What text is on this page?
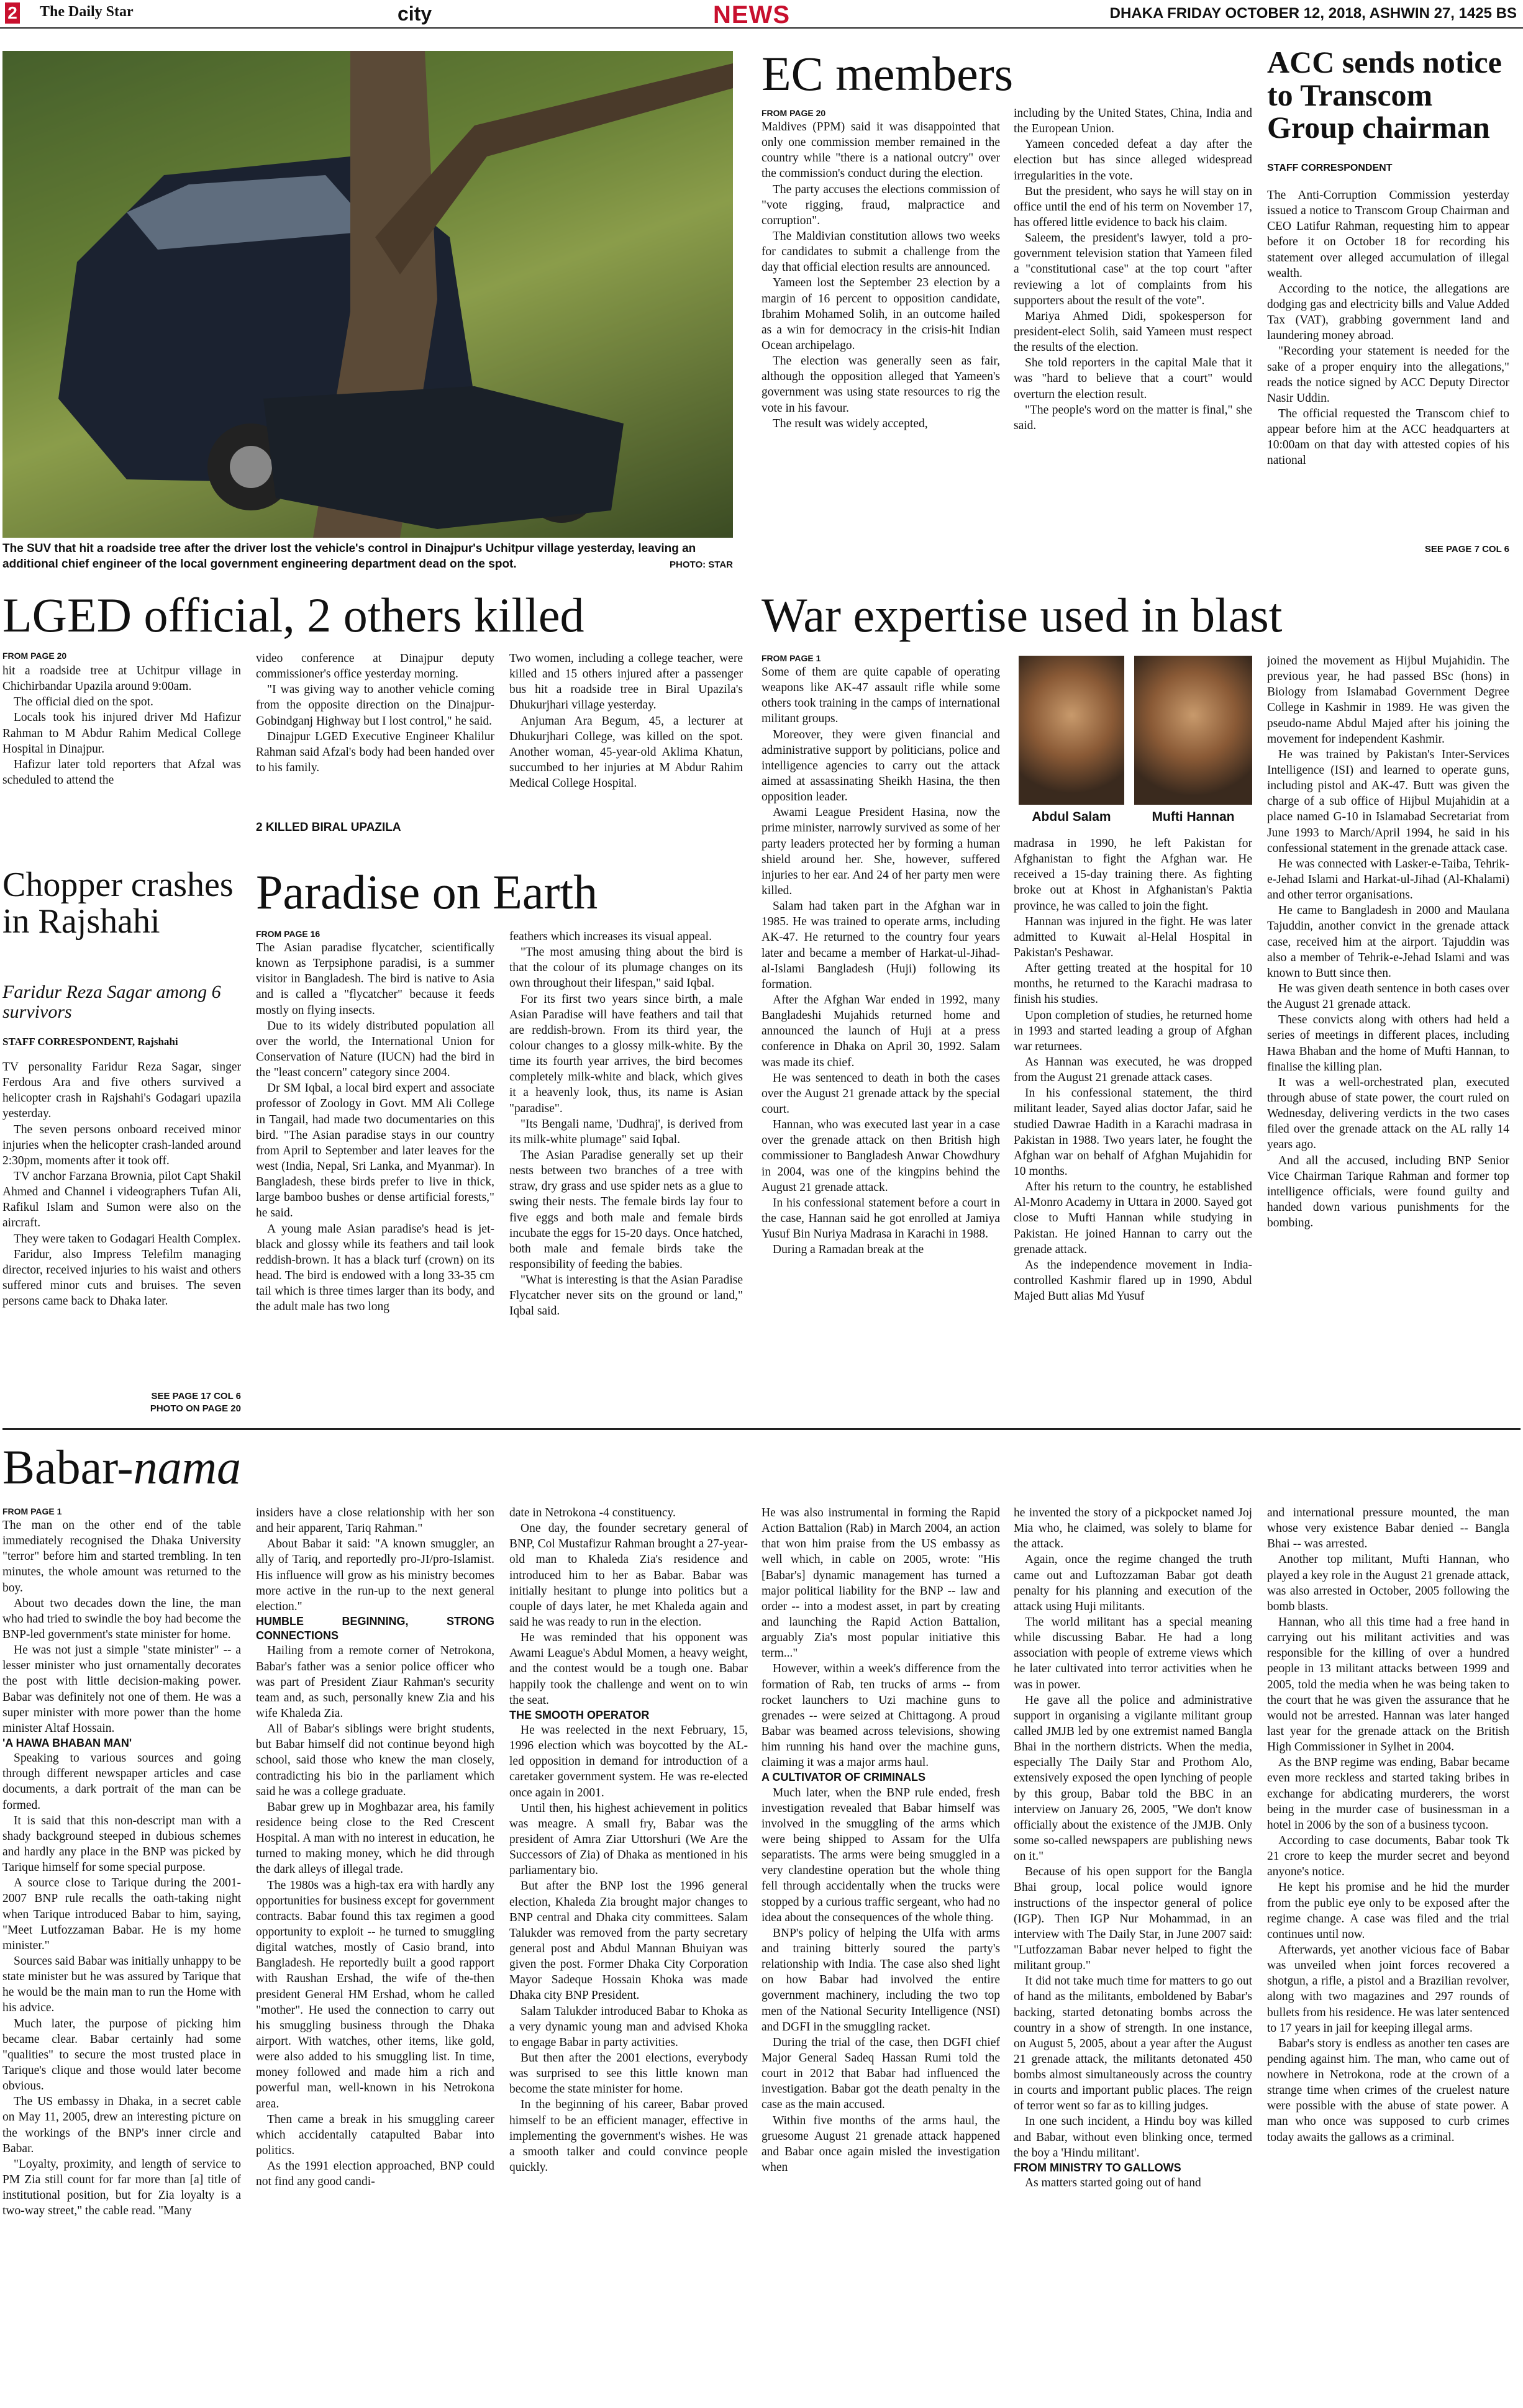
2 The Daily Star	city	NEWS	DHAKA FRIDAY OCTOBER 12, 2018, ASHWIN 27, 1425 BS
The SUV that hit a roadside tree after the driver lost the vehicle's control in Dinajpur's Uchitpur village yesterday, leaving an additional chief engineer of the local government engineering department dead on the spot.	PHOTO: STAR
EC members
FROM PAGE 20

Maldives (PPM) said it was disappointed that only one commission member remained in the country while "there is a national outcry" over the commission's conduct during the election.

The party accuses the elections commission of "vote rigging, fraud, malpractice and corruption".

The Maldivian constitution allows two weeks for candidates to submit a challenge from the day that official election results are announced.

Yameen lost the September 23 election by a margin of 16 percent to opposition candidate, Ibrahim Mohamed Solih, in an outcome hailed as a win for democracy in the crisis-hit Indian Ocean archipelago.

The election was generally seen as fair, although the opposition alleged that Yameen's government was using state resources to rig the vote in his favour.

The result was widely accepted,

including by the United States, China, India and the European Union.

Yameen conceded defeat a day after the election but has since alleged widespread irregularities in the vote.

But the president, who says he will stay on in office until the end of his term on November 17, has offered little evidence to back his claim.

Saleem, the president's lawyer, told a pro-government television station that Yameen filed a "constitutional case" at the top court "after reviewing a lot of complaints from his supporters about the result of the vote".

Mariya Ahmed Didi, spokesperson for president-elect Solih, said Yameen must respect the results of the election.

She told reporters in the capital Male that it was "hard to believe that a court" would overturn the election result.

"The people's word on the matter is final," she said.

ACC sends notice to Transcom Group chairman
STAFF CORRESPONDENT

The Anti-Corruption Commission yesterday issued a notice to Transcom Group Chairman and CEO Latifur Rahman, requesting him to appear before it on October 18 for recording his statement over alleged accumulation of illegal wealth.

According to the notice, the allegations are dodging gas and electricity bills and Value Added Tax (VAT), grabbing government land and laundering money abroad.

"Recording your statement is needed for the sake of a proper enquiry into the allegations," reads the notice signed by ACC Deputy Director Nasir Uddin.

The official requested the Transcom chief to appear before him at the ACC headquarters at 10:00am on that day with attested copies of his national

SEE PAGE 7 COL 6
LGED official, 2 others killed
FROM PAGE 20

hit a roadside tree at Uchitpur village in Chichirbandar Upazila around 9:00am.

The official died on the spot.

Locals took his injured driver Md Hafizur Rahman to M Abdur Rahim Medical College Hospital in Dinajpur.

Hafizur later told reporters that Afzal was scheduled to attend the

video conference at Dinajpur deputy commissioner's office yesterday morning.

"I was giving way to another vehicle coming from the opposite direction on the Dinajpur-Gobindganj Highway but I lost control," he said.

Dinajpur LGED Executive Engineer Khalilur Rahman said Afzal's body had been handed over to his family.

2 KILLED BIRAL UPAZILA

Two women, including a college teacher, were killed and 15 others injured after a passenger bus hit a roadside tree in Biral Upazila's Dhukurjhari village yesterday.

Anjuman Ara Begum, 45, a lecturer at Dhukurjhari College, was killed on the spot. Another woman, 45-year-old Aklima Khatun, succumbed to her injuries at M Abdur Rahim Medical College Hospital.

War expertise used in blast
FROM PAGE 1

Some of them are quite capable of operating weapons like AK-47 assault rifle while some others took training in the camps of international militant groups.

Moreover, they were given financial and administrative support by politicians, police and intelligence agencies to carry out the attack aimed at assassinating Sheikh Hasina, the then opposition leader.

Awami League President Hasina, now the prime minister, narrowly survived as some of her party leaders protected her by forming a human shield around her. She, however, suffered injuries to her ear. And 24 of her party men were killed.

Salam had taken part in the Afghan war in 1985. He was trained to operate arms, including AK-47. He returned to the country four years later and became a member of Harkat-ul-Jihad-al-Islami Bangladesh (Huji) following its formation.

After the Afghan War ended in 1992, many Bangladeshi Mujahids returned home and announced the launch of Huji at a press conference in Dhaka on April 30, 1992. Salam was made its chief.

He was sentenced to death in both the cases over the August 21 grenade attack by the special court.

Hannan, who was executed last year in a case over the grenade attack on then British high commissioner to Bangladesh Anwar Chowdhury in 2004, was one of the kingpins behind the August 21 grenade attack.

In his confessional statement before a court in the case, Hannan said he got enrolled at Jamiya Yusuf Bin Nuriya Madrasa in Karachi in 1988.

During a Ramadan break at the

Abdul Salam	Mufti Hannan

madrasa in 1990, he left Pakistan for Afghanistan to fight the Afghan war. He received a 15-day training there. As fighting broke out at Khost in Afghanistan's Paktia province, he was called to join the fight.

Hannan was injured in the fight. He was later admitted to Kuwait al-Helal Hospital in Pakistan's Peshawar.

After getting treated at the hospital for 10 months, he returned to the Karachi madrasa to finish his studies.

Upon completion of studies, he returned home in 1993 and started leading a group of Afghan war returnees.

As Hannan was executed, he was dropped from the August 21 grenade attack cases.

In his confessional statement, the third militant leader, Sayed alias doctor Jafar, said he studied Dawrae Hadith in a Karachi madrasa in Pakistan in 1988. Two years later, he fought the Afghan war on behalf of Afghan Mujahidin for 10 months.

After his return to the country, he established Al-Monro Academy in Uttara in 2000. Sayed got close to Mufti Hannan while studying in Pakistan. He joined Hannan to carry out the grenade attack.

As the independence movement in India-controlled Kashmir flared up in 1990, Abdul Majed Butt alias Md Yusuf

joined the movement as Hijbul Mujahidin. The previous year, he had passed BSc (hons) in Biology from Islamabad Government Degree College in Kashmir in 1989. He was given the pseudo-name Abdul Majed after his joining the movement for independent Kashmir.

He was trained by Pakistan's Inter-Services Intelligence (ISI) and learned to operate guns, including pistol and AK-47. Butt was given the charge of a sub office of Hijbul Mujahidin at a place named G-10 in Islamabad Secretariat from June 1993 to March/April 1994, he said in his confessional statement in the grenade attack case.

He was connected with Lasker-e-Taiba, Tehrik-e-Jehad Islami and Harkat-ul-Jihad (Al-Khalami) and other terror organisations.

He came to Bangladesh in 2000 and Maulana Tajuddin, another convict in the grenade attack case, received him at the airport. Tajuddin was also a member of Tehrik-e-Jehad Islami and was known to Butt since then.

He was given death sentence in both cases over the August 21 grenade attack.

These convicts along with others had held a series of meetings in different places, including Hawa Bhaban and the home of Mufti Hannan, to finalise the killing plan.

It was a well-orchestrated plan, executed through abuse of state power, the court ruled on Wednesday, delivering verdicts in the two cases filed over the grenade attack on the AL rally 14 years ago.

And all the accused, including BNP Senior Vice Chairman Tarique Rahman and former top intelligence officials, were found guilty and handed down various punishments for the bombing.

Chopper crashes in Rajshahi
Faridur Reza Sagar among 6 survivors
STAFF CORRESPONDENT, Rajshahi

TV personality Faridur Reza Sagar, singer Ferdous Ara and five others survived a helicopter crash in Rajshahi's Godagari upazila yesterday.

The seven persons onboard received minor injuries when the helicopter crash-landed around 2:30pm, moments after it took off.

TV anchor Farzana Brownia, pilot Capt Shakil Ahmed and Channel i videographers Tufan Ali, Rafikul Islam and Sumon were also on the aircraft.

They were taken to Godagari Health Complex.

Faridur, also Impress Telefilm managing director, received injuries to his waist and others suffered minor cuts and bruises. The seven persons came back to Dhaka later.

SEE PAGE 17 COL 6
PHOTO ON PAGE 20
Paradise on Earth
FROM PAGE 16

The Asian paradise flycatcher, scientifically known as Terpsiphone paradisi, is a summer visitor in Bangladesh. The bird is native to Asia and is called a "flycatcher" because it feeds mostly on flying insects.

Due to its widely distributed population all over the world, the International Union for Conservation of Nature (IUCN) had the bird in the "least concern" category since 2004.

Dr SM Iqbal, a local bird expert and associate professor of Zoology in Govt. MM Ali College in Tangail, had made two documentaries on this bird. "The Asian paradise stays in our country from April to September and later leaves for the west (India, Nepal, Sri Lanka, and Myanmar). In Bangladesh, these birds prefer to live in thick, large bamboo bushes or dense artificial forests," he said.

A young male Asian paradise's head is jet-black and glossy while its feathers and tail look reddish-brown. It has a black turf (crown) on its head. The bird is endowed with a long 33-35 cm tail which is three times larger than its body, and the adult male has two long

feathers which increases its visual appeal.

"The most amusing thing about the bird is that the colour of its plumage changes on its own throughout their lifespan," said Iqbal.

For its first two years since birth, a male Asian Paradise will have feathers and tail that are reddish-brown. From its third year, the colour changes to a glossy milk-white. By the time its fourth year arrives, the bird becomes completely milk-white and black, which gives it a heavenly look, thus, its name is Asian "paradise".

"Its Bengali name, 'Dudhraj', is derived from its milk-white plumage" said Iqbal.

The Asian Paradise generally set up their nests between two branches of a tree with straw, dry grass and use spider nets as a glue to swing their nests. The female birds lay four to five eggs and both male and female birds incubate the eggs for 15-20 days. Once hatched, both male and female birds take the responsibility of feeding the babies.

"What is interesting is that the Asian Paradise Flycatcher never sits on the ground or land," Iqbal said.

Babar-nama
FROM PAGE 1

The man on the other end of the table immediately recognised the Dhaka University "terror" before him and started trembling. In ten minutes, the whole amount was returned to the boy.

About two decades down the line, the man who had tried to swindle the boy had become the BNP-led government's state minister for home.

He was not just a simple "state minister" -- a lesser minister who just ornamentally decorates the post with little decision-making power. Babar was definitely not one of them. He was a super minister with more power than the home minister Altaf Hossain.

'A HAWA BHABAN MAN'

Speaking to various sources and going through different newspaper articles and case documents, a dark portrait of the man can be formed.

It is said that this non-descript man with a shady background steeped in dubious schemes and hardly any place in the BNP was picked by Tarique himself for some special purpose.

A source close to Tarique during the 2001-2007 BNP rule recalls the oath-taking night when Tarique introduced Babar to him, saying, "Meet Lutfozzaman Babar. He is my home minister."

Sources said Babar was initially unhappy to be state minister but he was assured by Tarique that he would be the main man to run the Home with his advice.

Much later, the purpose of picking him became clear. Babar certainly had some "qualities" to secure the most trusted place in Tarique's clique and those would later become obvious.

The US embassy in Dhaka, in a secret cable on May 11, 2005, drew an interesting picture on the workings of the BNP's inner circle and Babar.

"Loyalty, proximity, and length of service to PM Zia still count for far more than [a] title of institutional position, but for Zia loyalty is a two-way street," the cable read. "Many

insiders have a close relationship with her son and heir apparent, Tariq Rahman."

About Babar it said: "A known smuggler, an ally of Tariq, and reportedly pro-JI/pro-Islamist. His influence will grow as his ministry becomes more active in the run-up to the next general election."

HUMBLE BEGINNING, STRONG CONNECTIONS

Hailing from a remote corner of Netrokona, Babar's father was a senior police officer who was part of President Ziaur Rahman's security team and, as such, personally knew Zia and his wife Khaleda Zia.

All of Babar's siblings were bright students, but Babar himself did not continue beyond high school, said those who knew the man closely, contradicting his bio in the parliament which said he was a college graduate.

Babar grew up in Moghbazar area, his family residence being close to the Red Crescent Hospital. A man with no interest in education, he turned to making money, which he did through the dark alleys of illegal trade.

The 1980s was a high-tax era with hardly any opportunities for business except for government contracts. Babar found this tax regimen a good opportunity to exploit -- he turned to smuggling digital watches, mostly of Casio brand, into Bangladesh. He reportedly built a good rapport with Raushan Ershad, the wife of the-then president General HM Ershad, whom he called "mother". He used the connection to carry out his smuggling business through the Dhaka airport. With watches, other items, like gold, were also added to his smuggling list. In time, money followed and made him a rich and powerful man, well-known in his Netrokona area.

Then came a break in his smuggling career which accidentally catapulted Babar into politics.

As the 1991 election approached, BNP could not find any good candi-

date in Netrokona -4 constituency.

One day, the founder secretary general of BNP, Col Mustafizur Rahman brought a 27-year-old man to Khaleda Zia's residence and introduced him to her as Babar. Babar was initially hesitant to plunge into politics but a couple of days later, he met Khaleda again and said he was ready to run in the election.

He was reminded that his opponent was Awami League's Abdul Momen, a heavy weight, and the contest would be a tough one. Babar happily took the challenge and went on to win the seat.

THE SMOOTH OPERATOR

He was reelected in the next February, 15, 1996 election which was boycotted by the AL-led opposition in demand for introduction of a caretaker government system. He was re-elected once again in 2001.

Until then, his highest achievement in politics was meagre. A small fry, Babar was the president of Amra Ziar Uttorshuri (We Are the Successors of Zia) of Dhaka as mentioned in his parliamentary bio.

But after the BNP lost the 1996 general election, Khaleda Zia brought major changes to BNP central and Dhaka city committees. Salam Talukder was removed from the party secretary general post and Abdul Mannan Bhuiyan was given the post. Former Dhaka City Corporation Mayor Sadeque Hossain Khoka was made Dhaka city BNP President.

Salam Talukder introduced Babar to Khoka as a very dynamic young man and advised Khoka to engage Babar in party activities.

But then after the 2001 elections, everybody was surprised to see this little known man become the state minister for home.

In the beginning of his career, Babar proved himself to be an efficient manager, effective in implementing the government's wishes. He was a smooth talker and could convince people quickly.

He was also instrumental in forming the Rapid Action Battalion (Rab) in March 2004, an action that won him praise from the US embassy as well which, in cable on 2005, wrote: "His [Babar's] dynamic management has turned a major political liability for the BNP -- law and order -- into a modest asset, in part by creating and launching the Rapid Action Battalion, arguably Zia's most popular initiative this term..."

However, within a week's difference from the formation of Rab, ten trucks of arms -- from rocket launchers to Uzi machine guns to grenades -- were seized at Chittagong. A proud Babar was beamed across televisions, showing him running his hand over the machine guns, claiming it was a major arms haul.

A CULTIVATOR OF CRIMINALS

Much later, when the BNP rule ended, fresh investigation revealed that Babar himself was involved in the smuggling of the arms which were being shipped to Assam for the Ulfa separatists. The arms were being smuggled in a very clandestine operation but the whole thing fell through accidentally when the trucks were stopped by a curious traffic sergeant, who had no idea about the consequences of the whole thing.

BNP's policy of helping the Ulfa with arms and training bitterly soured the party's relationship with India. The case also shed light on how Babar had involved the entire government machinery, including the two top men of the National Security Intelligence (NSI) and DGFI in the smuggling racket.

During the trial of the case, then DGFI chief Major General Sadeq Hassan Rumi told the court in 2012 that Babar had influenced the investigation. Babar got the death penalty in the case as the main accused.

Within five months of the arms haul, the gruesome August 21 grenade attack happened and Babar once again misled the investigation when

he invented the story of a pickpocket named Joj Mia who, he claimed, was solely to blame for the attack.

Again, once the regime changed the truth came out and Luftozzaman Babar got death penalty for his planning and execution of the attack using Huji militants.

The world militant has a special meaning while discussing Babar. He had a long association with people of extreme views which he later cultivated into terror activities when he was in power.

He gave all the police and administrative support in organising a vigilante militant group called JMJB led by one extremist named Bangla Bhai in the northern districts. When the media, especially The Daily Star and Prothom Alo, extensively exposed the open lynching of people by this group, Babar told the BBC in an interview on January 26, 2005, "We don't know officially about the existence of the JMJB. Only some so-called newspapers are publishing news on it."

Because of his open support for the Bangla Bhai group, local police would ignore instructions of the inspector general of police (IGP). Then IGP Nur Mohammad, in an interview with The Daily Star, in June 2007 said: "Lutfozzaman Babar never helped to fight the militant group."

It did not take much time for matters to go out of hand as the militants, emboldened by Babar's backing, started detonating bombs across the country in a show of strength. In one instance, on August 5, 2005, about a year after the August 21 grenade attack, the militants detonated 450 bombs almost simultaneously across the country in courts and important public places. The reign of terror went so far as to killing judges.

In one such incident, a Hindu boy was killed and Babar, without even blinking once, termed the boy a 'Hindu militant'.

FROM MINISTRY TO GALLOWS

As matters started going out of hand

and international pressure mounted, the man whose very existence Babar denied -- Bangla Bhai -- was arrested.

Another top militant, Mufti Hannan, who played a key role in the August 21 grenade attack, was also arrested in October, 2005 following the bomb blasts.

Hannan, who all this time had a free hand in carrying out his militant activities and was responsible for the killing of over a hundred people in 13 militant attacks between 1999 and 2005, told the media when he was being taken to the court that he was given the assurance that he would not be arrested. Hannan was later hanged last year for the grenade attack on the British High Commissioner in Sylhet in 2004.

As the BNP regime was ending, Babar became even more reckless and started taking bribes in exchange for abdicating murderers, the worst being in the murder case of businessman in a hotel in 2006 by the son of a business tycoon.

According to case documents, Babar took Tk 21 crore to keep the murder secret and beyond anyone's notice.

He kept his promise and he hid the murder from the public eye only to be exposed after the regime change. A case was filed and the trial continues until now.

Afterwards, yet another vicious face of Babar was unveiled when joint forces recovered a shotgun, a rifle, a pistol and a Brazilian revolver, along with two magazines and 297 rounds of bullets from his residence. He was later sentenced to 17 years in jail for keeping illegal arms.

Babar's story is endless as another ten cases are pending against him. The man, who came out of nowhere in Netrokona, rode at the crown of a strange time when crimes of the cruelest nature were possible with the abuse of state power. A man who once was supposed to curb crimes today awaits the gallows as a criminal.
